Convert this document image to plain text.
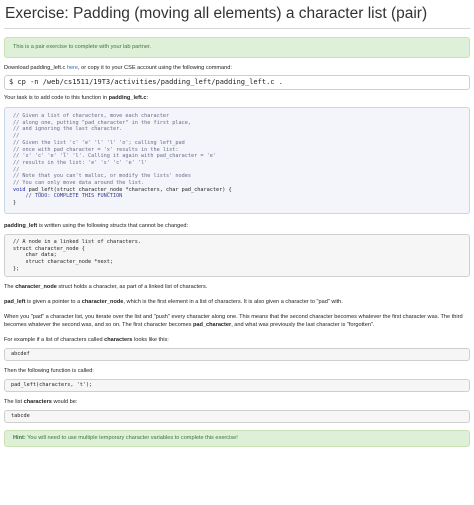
Exercise: Padding (moving all elements) a character list (pair)
This is a pair exercise to complete with your lab partner.

Download padding_left.c here, or copy it to your CSE account using the following command:

$ cp -n /web/cs1511/19T3/activities/padding_left/padding_left.c .

Your task is to add code to this function in padding_left.c:

// Given a list of characters, move each character
// along one, putting "pad_character" in the first place,
// and ignoring the last character.
//
// Given the list 'c' 'e' 'l' 'l' 'o'; calling left_pad
// once with pad_character = 'x' results in the list:
// 'x' 'c' 'e' 'l' 'l'. Calling it again with pad_character = 'e'
// results in the list: 'e' 'x' 'c' 'e' 'l'
//
// Note that you can't malloc, or modify the lists' nodes
// You can only move data around the list.
void pad_left(struct character_node *characters, char pad_character) {
// TODO: COMPLETE THIS FUNCTION
}

padding_left is written using the following structs that cannot be changed:

// A node in a linked list of characters.
struct character_node {
char data;
struct character_node *next;
};

The character_node struct holds a character, as part of a linked list of characters.

pad_left is given a pointer to a character_node, which is the first element in a list of characters. It is also given a character to "pad" with.

When you "pad" a character list, you iterate over the list and "push" every character along one. This means that the second character becomes whatever the first character was. The third becomes whatever the second was, and so on. The first character becomes pad_character, and what was previously the last character is "forgotten".

For example if a list of characters called characters looks like this:

abcdef

Then the following function is called:

pad_left(characters, 't');

The list characters would be:

tabcde
Hint: You will need to use multiple temporary character variables to complete this exercise!
